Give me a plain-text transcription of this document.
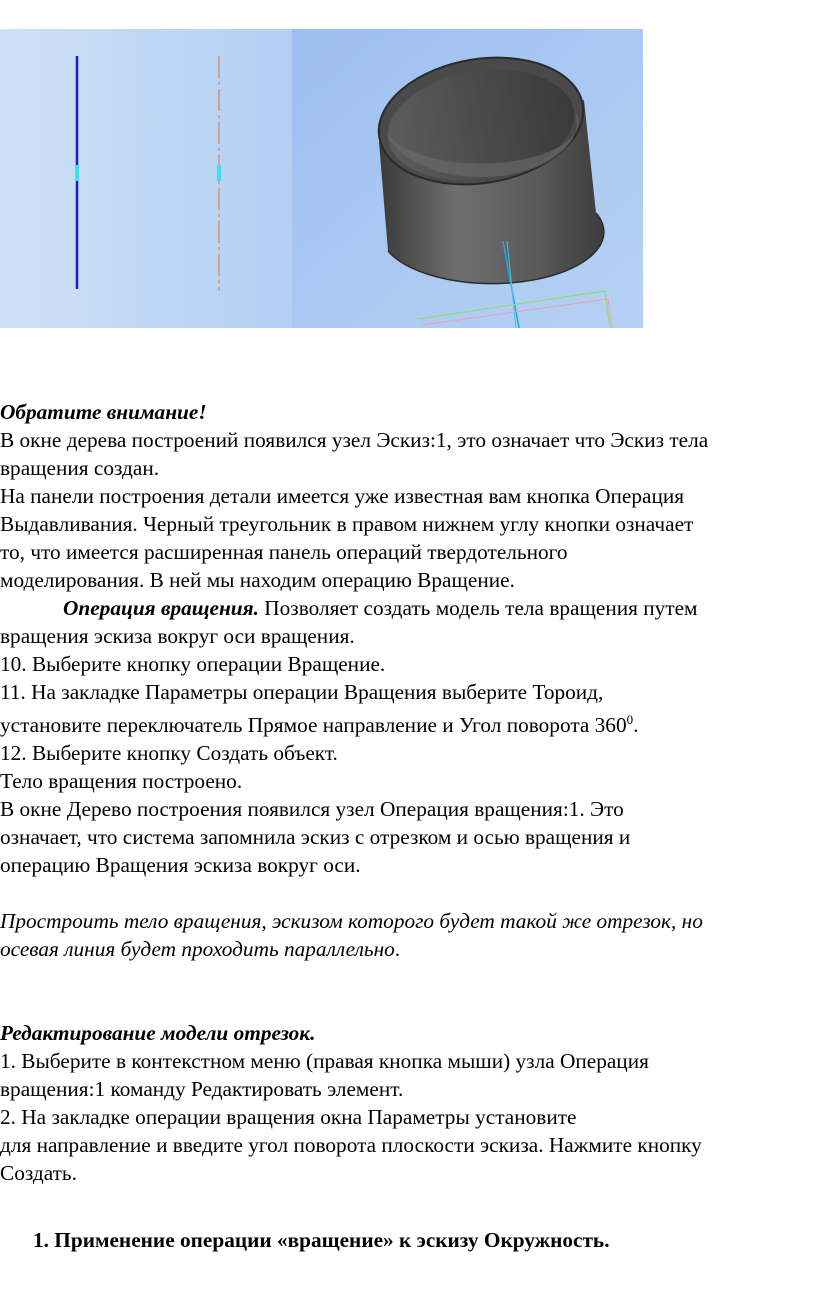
Обратите внимание!

В окне дерева построений появился узел Эскиз:1, это означает что Эскиз тела

вращения создан.

На панели построения детали имеется уже известная вам кнопка Операция

Выдавливания. Черный треугольник в правом нижнем углу кнопки означает

то, что имеется расширенная панель операций твердотельного

моделирования. В ней мы находим операцию Вращение.

Операция вращения. Позволяет создать модель тела вращения путем

вращения эскиза вокруг оси вращения.

10. Выберите кнопку операции Вращение.

11. На закладке Параметры операции Вращения выберите Тороид,

установите переключатель Прямое направление и Угол поворота $360^0$.

12. Выберите кнопку Создать объект.

Тело вращения построено.

В окне Дерево построения появился узел Операция вращения:1. Это

означает, что система запомнила эскиз с отрезком и осью вращения и

операцию Вращения эскиза вокруг оси.

Простроить тело вращения, эскизом которого будет такой же отрезок, но

осевая линия будет проходить параллельно.

Редактирование модели отрезок.

1. Выберите в контекстном меню (правая кнопка мыши) узла Операция

вращения:1 команду Редактировать элемент.

2. На закладке операции вращения окна Параметры установите

для направление и введите угол поворота плоскости эскиза. Нажмите кнопку

Создать.

1. Применение операции «вращение» к эскизу Окружность.
